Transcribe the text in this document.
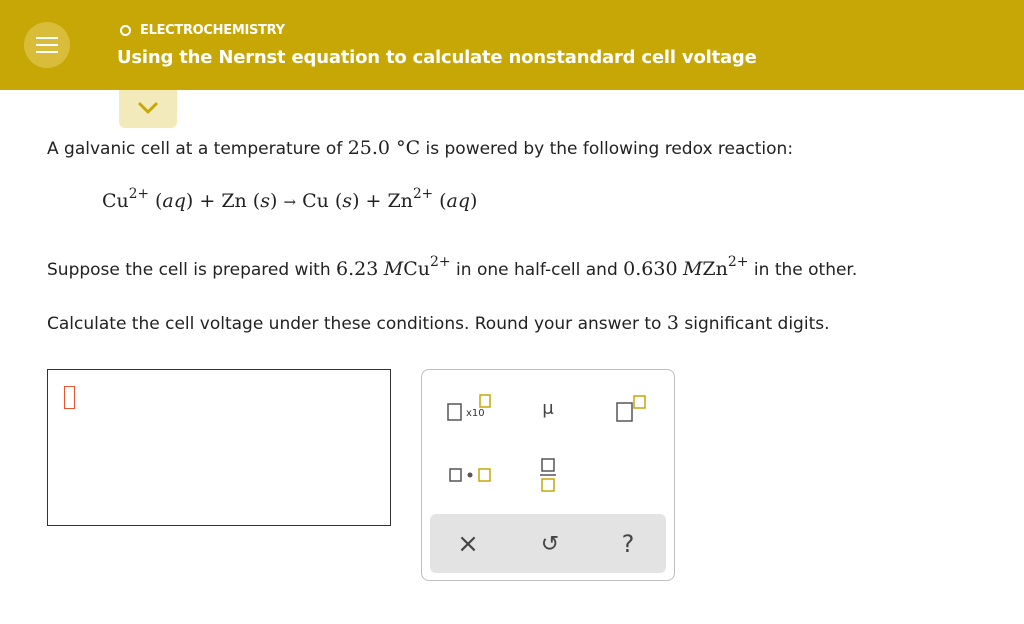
ELECTROCHEMISTRY
Using the Nernst equation to calculate nonstandard cell voltage
A galvanic cell at a temperature of 25.0 °C is powered by the following redox reaction:
$Cu^{2+}$ (aq) + Zn (s) → Cu $(s) + Zn^{2+}$ (aq)
Suppose the cell is prepared with 6.23 MCu$^{2+}$ in one half-cell and 0.630 MZn$^{2+}$ in the other.
Calculate the cell voltage under these conditions. Round your answer to 3 significant digits.
x10	μ
×	↺	?
